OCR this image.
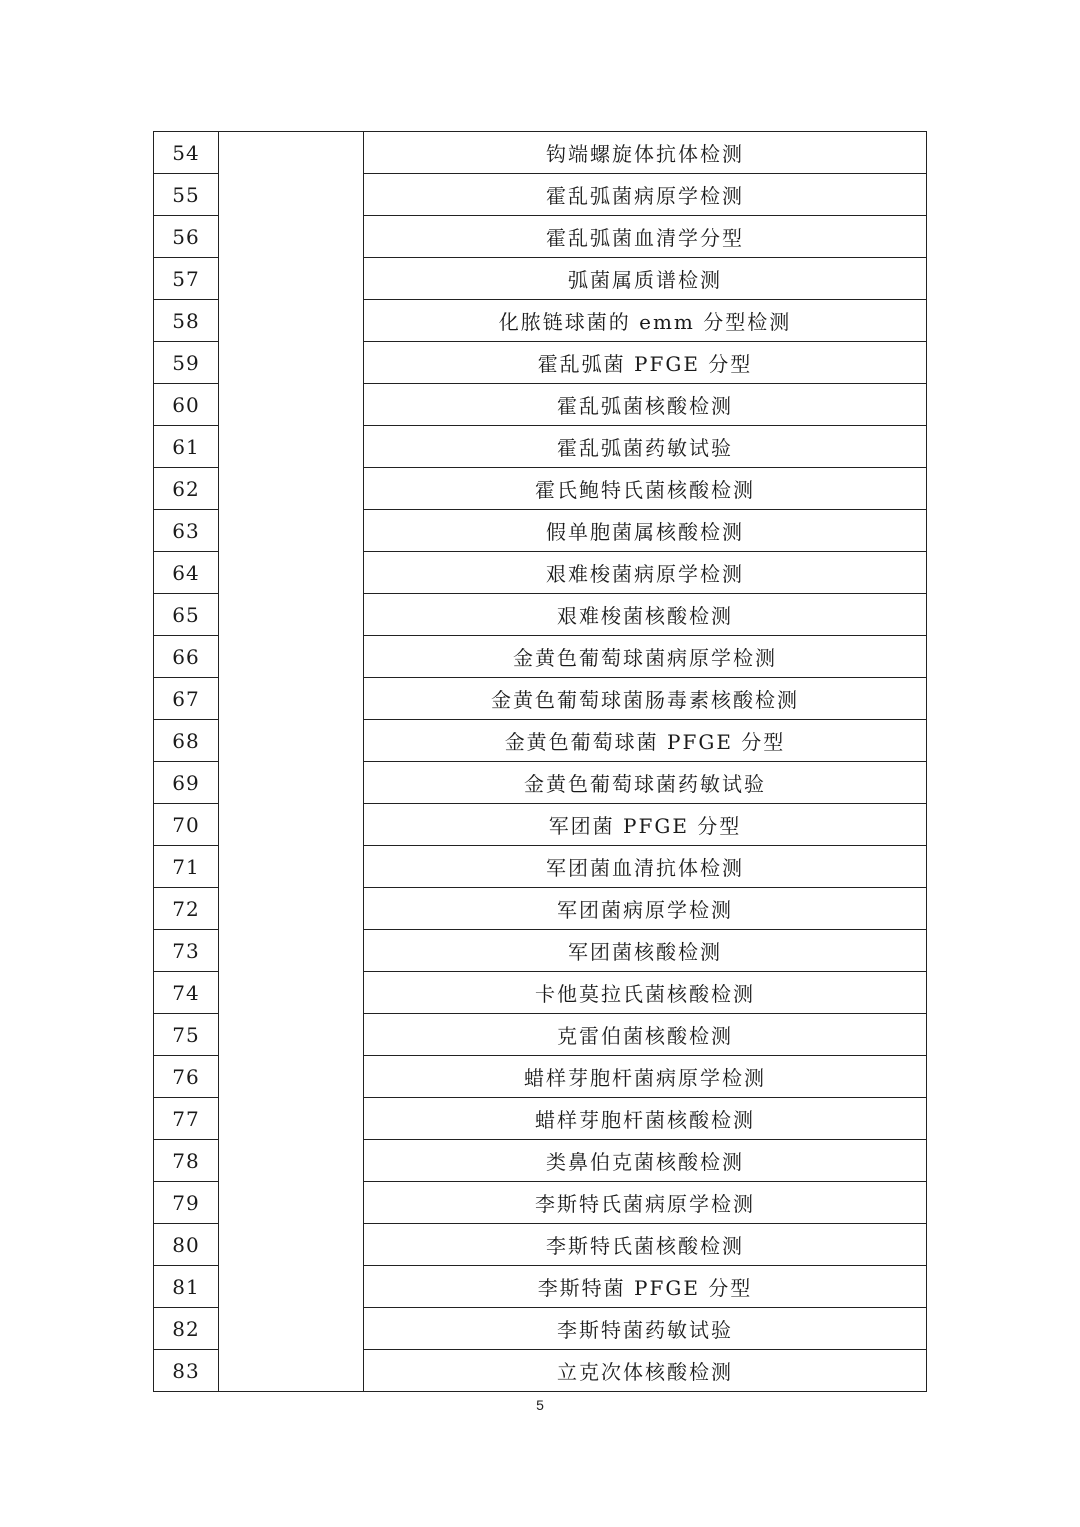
54		钩端螺旋体抗体检测
55		霍乱弧菌病原学检测
56		霍乱弧菌血清学分型
57		弧菌属质谱检测
58		化脓链球菌的 emm 分型检测
59		霍乱弧菌 PFGE 分型
60		霍乱弧菌核酸检测
61		霍乱弧菌药敏试验
62		霍氏鲍特氏菌核酸检测
63		假单胞菌属核酸检测
64		艰难梭菌病原学检测
65		艰难梭菌核酸检测
66		金黄色葡萄球菌病原学检测
67		金黄色葡萄球菌肠毒素核酸检测
68		金黄色葡萄球菌 PFGE 分型
69		金黄色葡萄球菌药敏试验
70		军团菌 PFGE 分型
71		军团菌血清抗体检测
72		军团菌病原学检测
73		军团菌核酸检测
74		卡他莫拉氏菌核酸检测
75		克雷伯菌核酸检测
76		蜡样芽胞杆菌病原学检测
77		蜡样芽胞杆菌核酸检测
78		类鼻伯克菌核酸检测
79		李斯特氏菌病原学检测
80		李斯特氏菌核酸检测
81		李斯特菌 PFGE 分型
82		李斯特菌药敏试验
83		立克次体核酸检测
5
